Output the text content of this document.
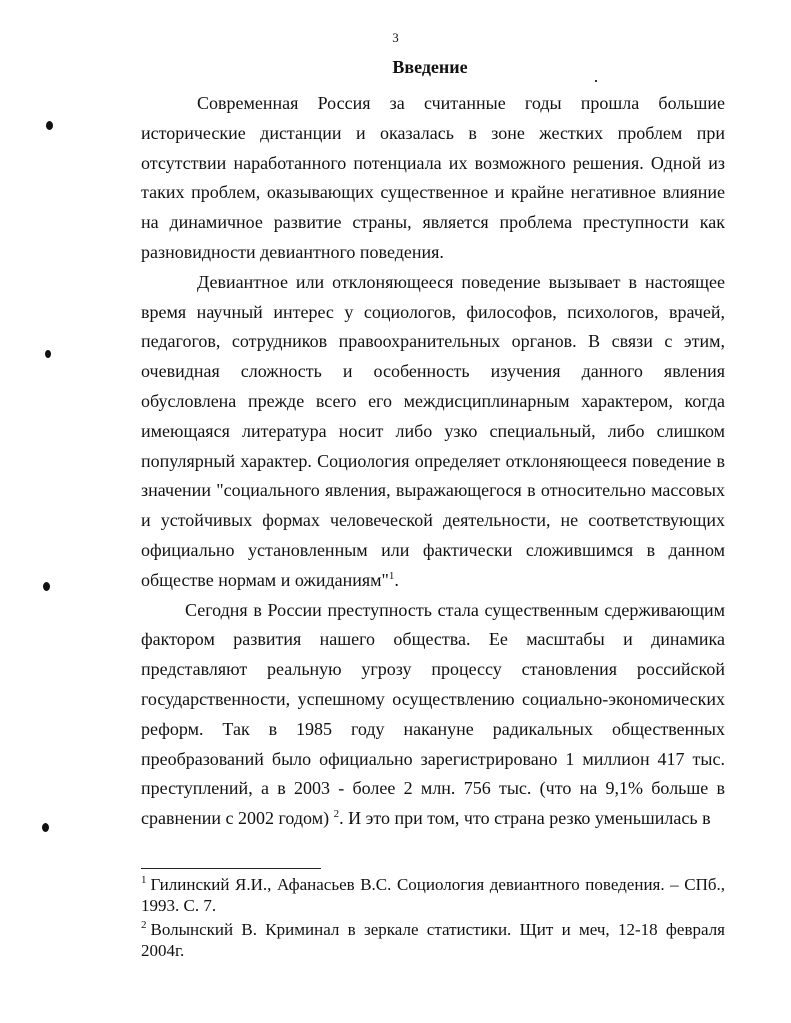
3
Введение

Современная Россия за считанные годы прошла большие исторические дистанции и оказалась в зоне жестких проблем при отсутствии наработанного потенциала их возможного решения. Одной из таких проблем, оказывающих существенное и крайне негативное влияние на динамичное развитие страны, является проблема преступности как разновидности девиантного поведения.

Девиантное или отклоняющееся поведение вызывает в настоящее время научный интерес у социологов, философов, психологов, врачей, педагогов, сотрудников правоохранительных органов. В связи с этим, очевидная сложность и особенность изучения данного явления обусловлена прежде всего его междисциплинарным характером, когда имеющаяся литература носит либо узко специальный, либо слишком популярный характер. Социология определяет отклоняющееся поведение в значении "социального явления, выражающегося в относительно массовых и устойчивых формах человеческой деятельности, не соответствующих официально установленным или фактически сложившимся в данном обществе нормам и ожиданиям"$^1$.

Сегодня в России преступность стала существенным сдерживающим фактором развития нашего общества. Ее масштабы и динамика представляют реальную угрозу процессу становления российской государственности, успешному осуществлению социально-экономических реформ. Так в 1985 году накануне радикальных общественных преобразований было официально зарегистрировано 1 миллион 417 тыс. преступлений, а в 2003 - более 2 млн. 756 тыс. (что на 9,1% больше в сравнении с 2002 годом) $^2$. И это при том, что страна резко уменьшилась в

$^1$ Гилинский Я.И., Афанасьев В.С. Социология девиантного поведения. – СПб., 1993. С. 7.

$^2$ Волынский В. Криминал в зеркале статистики. Щит и меч, 12-18 февраля 2004г.
